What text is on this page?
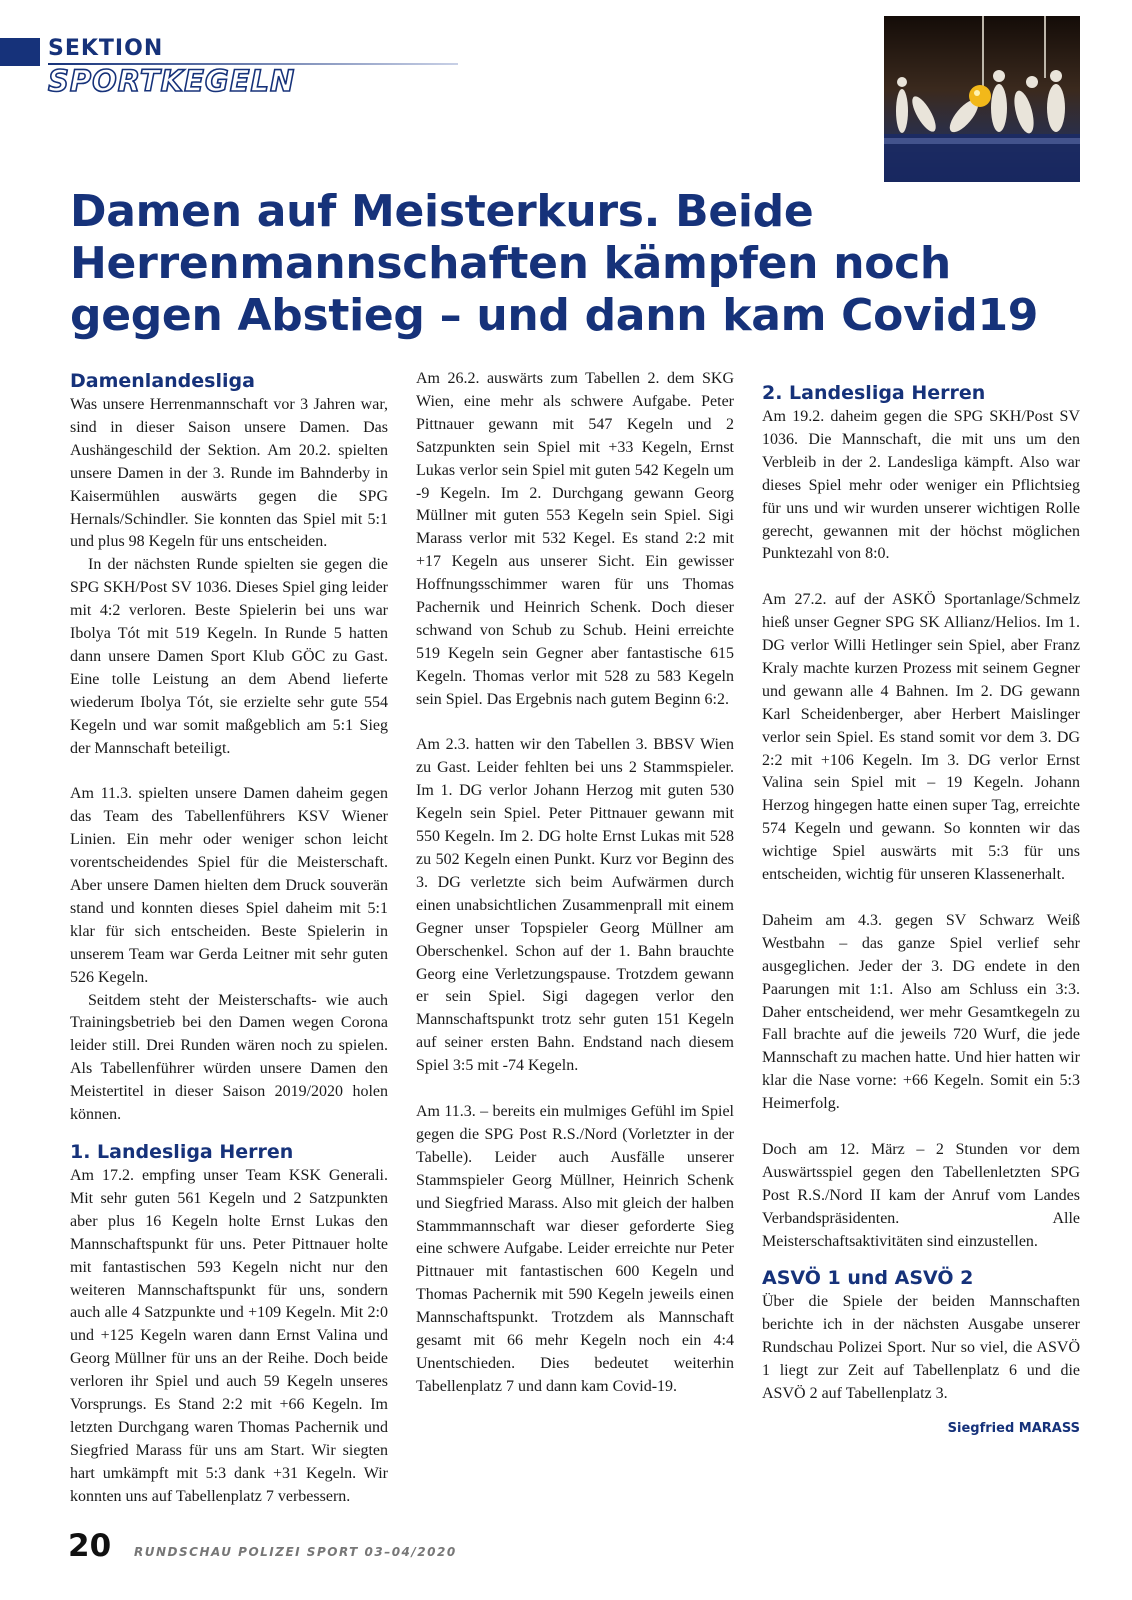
SEKTION
SPORTKEGELN
Damen auf Meisterkurs. Beide Herrenmannschaften kämpfen noch gegen Abstieg – und dann kam Covid19
Damenlandesliga

Was unsere Herrenmannschaft vor 3 Jahren war, sind in dieser Saison unsere Damen. Das Aushängeschild der Sektion. Am 20.2. spielten unsere Damen in der 3. Runde im Bahnderby in Kaisermühlen auswärts gegen die SPG Hernals/Schindler. Sie konnten das Spiel mit 5:1 und plus 98 Kegeln für uns entscheiden.

In der nächsten Runde spielten sie gegen die SPG SKH/Post SV 1036. Dieses Spiel ging leider mit 4:2 verloren. Beste Spielerin bei uns war Ibolya Tót mit 519 Kegeln. In Runde 5 hatten dann unsere Damen Sport Klub GÖC zu Gast. Eine tolle Leistung an dem Abend lieferte wiederum Ibolya Tót, sie erzielte sehr gute 554 Kegeln und war somit maßgeblich am 5:1 Sieg der Mannschaft beteiligt.

Am 11.3. spielten unsere Damen daheim gegen das Team des Tabellenführers KSV Wiener Linien. Ein mehr oder weniger schon leicht vorentscheidendes Spiel für die Meisterschaft. Aber unsere Damen hielten dem Druck souverän stand und konnten dieses Spiel daheim mit 5:1 klar für sich entscheiden. Beste Spielerin in unserem Team war Gerda Leitner mit sehr guten 526 Kegeln.

Seitdem steht der Meisterschafts- wie auch Trainingsbetrieb bei den Damen wegen Corona leider still. Drei Runden wären noch zu spielen. Als Tabellenführer würden unsere Damen den Meistertitel in dieser Saison 2019/2020 holen können.

1. Landesliga Herren

Am 17.2. empfing unser Team KSK Generali. Mit sehr guten 561 Kegeln und 2 Satzpunkten aber plus 16 Kegeln holte Ernst Lukas den Mannschaftspunkt für uns. Peter Pittnauer holte mit fantastischen 593 Kegeln nicht nur den weiteren Mannschaftspunkt für uns, sondern auch alle 4 Satzpunkte und +109 Kegeln. Mit 2:0 und +125 Kegeln waren dann Ernst Valina und Georg Müllner für uns an der Reihe. Doch beide verloren ihr Spiel und auch 59 Kegeln unseres Vorsprungs. Es Stand 2:2 mit +66 Kegeln. Im letzten Durchgang waren Thomas Pachernik und Siegfried Marass für uns am Start. Wir siegten hart umkämpft mit 5:3 dank +31 Kegeln. Wir konnten uns auf Tabellenplatz 7 verbessern.

Am 26.2. auswärts zum Tabellen 2. dem SKG Wien, eine mehr als schwere Aufgabe. Peter Pittnauer gewann mit 547 Kegeln und 2 Satzpunkten sein Spiel mit +33 Kegeln, Ernst Lukas verlor sein Spiel mit guten 542 Kegeln um -9 Kegeln. Im 2. Durchgang gewann Georg Müllner mit guten 553 Kegeln sein Spiel. Sigi Marass verlor mit 532 Kegel. Es stand 2:2 mit +17 Kegeln aus unserer Sicht. Ein gewisser Hoffnungsschimmer waren für uns Thomas Pachernik und Heinrich Schenk. Doch dieser schwand von Schub zu Schub. Heini erreichte 519 Kegeln sein Gegner aber fantastische 615 Kegeln. Thomas verlor mit 528 zu 583 Kegeln sein Spiel. Das Ergebnis nach gutem Beginn 6:2.

Am 2.3. hatten wir den Tabellen 3. BBSV Wien zu Gast. Leider fehlten bei uns 2 Stammspieler. Im 1. DG verlor Johann Herzog mit guten 530 Kegeln sein Spiel. Peter Pittnauer gewann mit 550 Kegeln. Im 2. DG holte Ernst Lukas mit 528 zu 502 Kegeln einen Punkt. Kurz vor Beginn des 3. DG verletzte sich beim Aufwärmen durch einen unabsichtlichen Zusammenprall mit einem Gegner unser Topspieler Georg Müllner am Oberschenkel. Schon auf der 1. Bahn brauchte Georg eine Verletzungspause. Trotzdem gewann er sein Spiel. Sigi dagegen verlor den Mannschaftspunkt trotz sehr guten 151 Kegeln auf seiner ersten Bahn. Endstand nach diesem Spiel 3:5 mit -74 Kegeln.

Am 11.3. – bereits ein mulmiges Gefühl im Spiel gegen die SPG Post R.S./Nord (Vorletzter in der Tabelle). Leider auch Ausfälle unserer Stammspieler Georg Müllner, Heinrich Schenk und Siegfried Marass. Also mit gleich der halben Stammmannschaft war dieser geforderte Sieg eine schwere Aufgabe. Leider erreichte nur Peter Pittnauer mit fantastischen 600 Kegeln und Thomas Pachernik mit 590 Kegeln jeweils einen Mannschaftspunkt. Trotzdem als Mannschaft gesamt mit 66 mehr Kegeln noch ein 4:4 Unentschieden. Dies bedeutet weiterhin Tabellenplatz 7 und dann kam Covid-19.

2. Landesliga Herren

Am 19.2. daheim gegen die SPG SKH/Post SV 1036. Die Mannschaft, die mit uns um den Verbleib in der 2. Landesliga kämpft. Also war dieses Spiel mehr oder weniger ein Pflichtsieg für uns und wir wurden unserer wichtigen Rolle gerecht, gewannen mit der höchst möglichen Punktezahl von 8:0.

Am 27.2. auf der ASKÖ Sportanlage/Schmelz hieß unser Gegner SPG SK Allianz/Helios. Im 1. DG verlor Willi Hetlinger sein Spiel, aber Franz Kraly machte kurzen Prozess mit seinem Gegner und gewann alle 4 Bahnen. Im 2. DG gewann Karl Scheidenberger, aber Herbert Maislinger verlor sein Spiel. Es stand somit vor dem 3. DG 2:2 mit +106 Kegeln. Im 3. DG verlor Ernst Valina sein Spiel mit – 19 Kegeln. Johann Herzog hingegen hatte einen super Tag, erreichte 574 Kegeln und gewann. So konnten wir das wichtige Spiel auswärts mit 5:3 für uns entscheiden, wichtig für unseren Klassenerhalt.

Daheim am 4.3. gegen SV Schwarz Weiß Westbahn – das ganze Spiel verlief sehr ausgeglichen. Jeder der 3. DG endete in den Paarungen mit 1:1. Also am Schluss ein 3:3. Daher entscheidend, wer mehr Gesamtkegeln zu Fall brachte auf die jeweils 720 Wurf, die jede Mannschaft zu machen hatte. Und hier hatten wir klar die Nase vorne: +66 Kegeln. Somit ein 5:3 Heimerfolg.

Doch am 12. März – 2 Stunden vor dem Auswärtsspiel gegen den Tabellenletzten SPG Post R.S./Nord II kam der Anruf vom Landes Verbandspräsidenten. Alle Meisterschaftsaktivitäten sind einzustellen.

ASVÖ 1 und ASVÖ 2

Über die Spiele der beiden Mannschaften berichte ich in der nächsten Ausgabe unserer Rundschau Polizei Sport. Nur so viel, die ASVÖ 1 liegt zur Zeit auf Tabellenplatz 6 und die ASVÖ 2 auf Tabellenplatz 3.

Siegfried MARASS
20 RUNDSCHAU POLIZEI SPORT 03–04/2020
